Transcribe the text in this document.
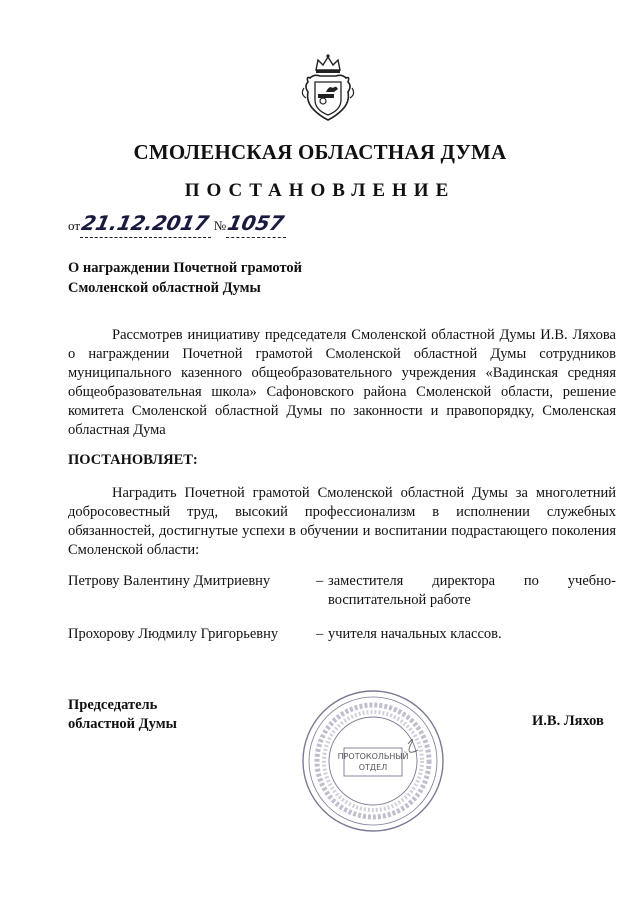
СМОЛЕНСКАЯ ОБЛАСТНАЯ ДУМА
ПОСТАНОВЛЕНИЕ
от21.12.2017 №1057
О награждении Почетной грамотой
Смоленской областной Думы
Рассмотрев инициативу председателя Смоленской областной Думы И.В. Ляхова о награждении Почетной грамотой Смоленской областной Думы сотрудников муниципального казенного общеобразовательного учреждения «Вадинская средняя общеобразовательная школа» Сафоновского района Смоленской области, решение комитета Смоленской областной Думы по законности и правопорядку, Смоленская областная Дума
ПОСТАНОВЛЯЕТ:
Наградить Почетной грамотой Смоленской областной Думы за многолетний добросовестный труд, высокий профессионализм в исполнении служебных обязанностей, достигнутые успехи в обучении и воспитании подрастающего поколения Смоленской области:
Петрову Валентину Дмитриевну	– заместителя директора по учебно-воспитательной работе
Прохорову Людмилу Григорьевну	– учителя начальных классов.
Председатель
областной Думы	И.В. Ляхов
ПРОТОКОЛЬНЫЙ
ОТДЕЛ
